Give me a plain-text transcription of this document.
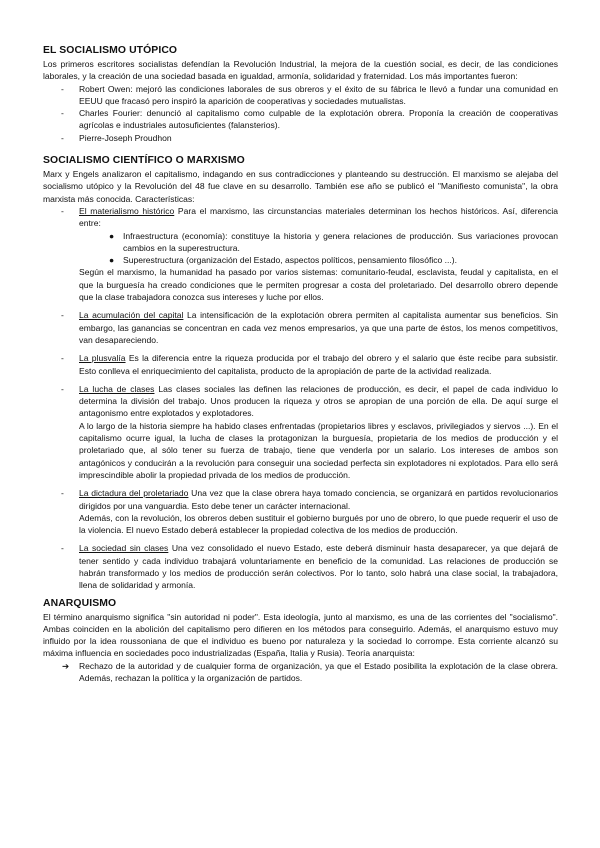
EL SOCIALISMO UTÓPICO

Los primeros escritores socialistas defendían la Revolución Industrial, la mejora de la cuestión social, es decir, de las condiciones laborales, y la creación de una sociedad basada en igualdad, armonía, solidaridad y fraternidad. Los más importantes fueron:

- Robert Owen: mejoró las condiciones laborales de sus obreros y el éxito de su fábrica le llevó a fundar una comunidad en EEUU que fracasó pero inspiró la aparición de cooperativas y sociedades mutualistas.
- Charles Fourier: denunció al capitalismo como culpable de la explotación obrera. Proponía la creación de cooperativas agrícolas e industriales autosuficientes (falansterios).
- Pierre-Joseph Proudhon
SOCIALISMO CIENTÍFICO O MARXISMO

Marx y Engels analizaron el capitalismo, indagando en sus contradicciones y planteando su destrucción. El marxismo se alejaba del socialismo utópico y la Revolución del 48 fue clave en su desarrollo. También ese año se publicó el "Manifiesto comunista", la obra marxista más conocida. Características:

- El materialismo histórico Para el marxismo, las circunstancias materiales determinan los hechos históricos. Así, diferencia entre:
● Infraestructura (economía): constituye la historia y genera relaciones de producción. Sus variaciones provocan cambios en la superestructura.
● Superestructura (organización del Estado, aspectos políticos, pensamiento filosófico ...).
Según el marxismo, la humanidad ha pasado por varios sistemas: comunitario-feudal, esclavista, feudal y capitalista, en el que la burguesía ha creado condiciones que le permiten progresar a costa del proletariado. Del desarrollo obrero depende que la clase trabajadora conozca sus intereses y luche por ellos.
- La acumulación del capital La intensificación de la explotación obrera permiten al capitalista aumentar sus beneficios. Sin embargo, las ganancias se concentran en cada vez menos empresarios, ya que una parte de éstos, los menos competitivos, van desapareciendo.
- La plusvalía Es la diferencia entre la riqueza producida por el trabajo del obrero y el salario que éste recibe para subsistir. Esto conlleva el enriquecimiento del capitalista, producto de la apropiación de parte de la actividad realizada.
- La lucha de clases Las clases sociales las definen las relaciones de producción, es decir, el papel de cada individuo lo determina la división del trabajo. Unos producen la riqueza y otros se apropian de una porción de ella. De aquí surge el antagonismo entre explotados y explotadores.
A lo largo de la historia siempre ha habido clases enfrentadas (propietarios libres y esclavos, privilegiados y siervos ...). En el capitalismo ocurre igual, la lucha de clases la protagonizan la burguesía, propietaria de los medios de producción y el proletariado que, al sólo tener su fuerza de trabajo, tiene que venderla por un salario. Los intereses de ambos son antagónicos y conducirán a la revolución para conseguir una sociedad perfecta sin explotadores ni explotados. Para ello será imprescindible abolir la propiedad privada de los medios de producción.
- La dictadura del proletariado Una vez que la clase obrera haya tomado conciencia, se organizará en partidos revolucionarios dirigidos por una vanguardia. Esto debe tener un carácter internacional.
Además, con la revolución, los obreros deben sustituir el gobierno burgués por uno de obrero, lo que puede requerir el uso de la violencia. El nuevo Estado deberá establecer la propiedad colectiva de los medios de producción.
- La sociedad sin clases Una vez consolidado el nuevo Estado, este deberá disminuir hasta desaparecer, ya que dejará de tener sentido y cada individuo trabajará voluntariamente en beneficio de la comunidad. Las relaciones de producción se habrán transformado y los medios de producción serán colectivos. Por lo tanto, solo habrá una clase social, la trabajadora, llena de solidaridad y armonía.
ANARQUISMO

El término anarquismo significa "sin autoridad ni poder". Esta ideología, junto al marxismo, es una de las corrientes del "socialismo". Ambas coinciden en la abolición del capitalismo pero difieren en los métodos para conseguirlo. Además, el anarquismo estuvo muy influido por la idea roussoniana de que el individuo es bueno por naturaleza y la sociedad lo corrompe. Esta corriente alcanzó su máxima influencia en sociedades poco industrializadas (España, Italia y Rusia). Teoría anarquista:

➔ Rechazo de la autoridad y de cualquier forma de organización, ya que el Estado posibilita la explotación de la clase obrera. Además, rechazan la política y la organización de partidos.
